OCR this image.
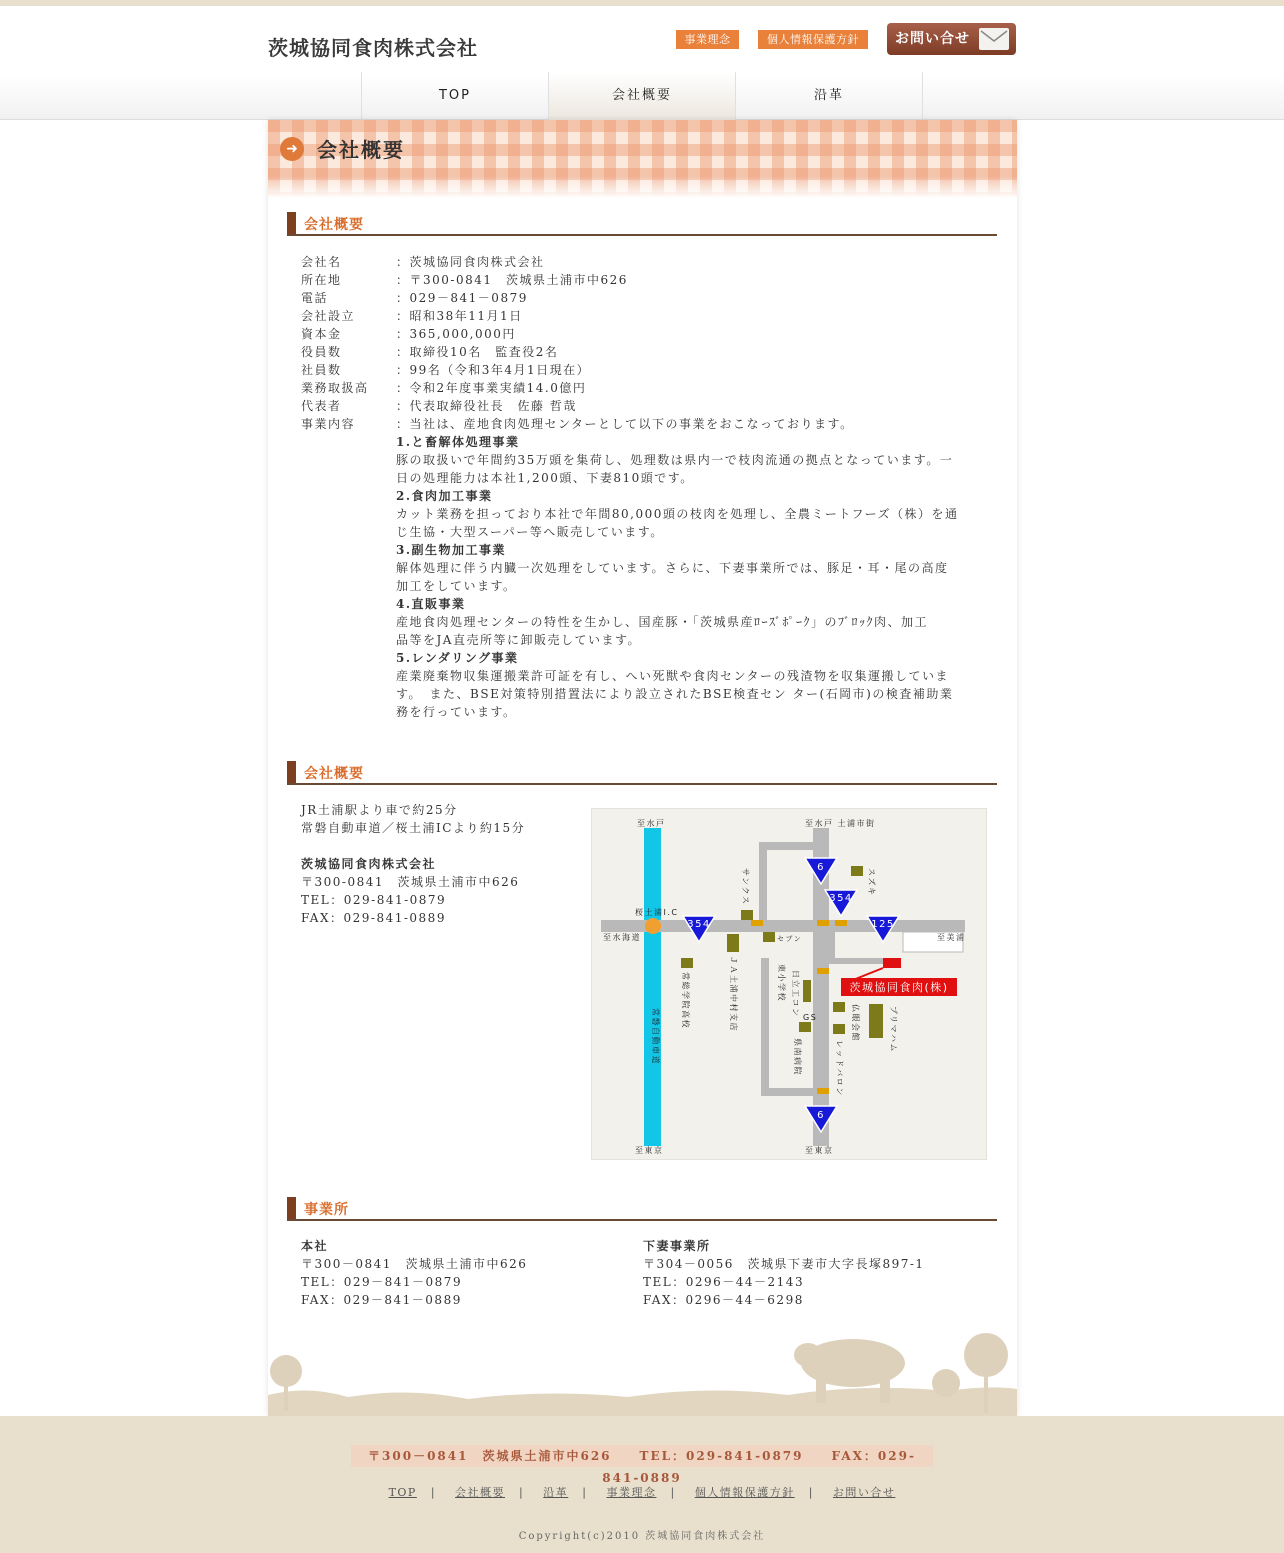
茨城協同食肉株式会社	事業理念	個人情報保護方針	お問い合せ
TOP	会社概要	沿革
➜ 会社概要
会社概要
会社概要
JR土浦駅より車で約25分
常磐自動車道／桜土浦ICより約15分
茨城協同食肉株式会社
〒300-0841　茨城県土浦市中626
TEL：029-841-0879
FAX：029-841-0889
6
354
354	125
6
茨城協同食肉(株)
至水戸	至水戸 土浦市街
至水海道	至美浦
至東京	至東京
桜土浦I.C
セブン
GS
サンクス	スズキ
常磐自動車道
常総学院高校	ＪＡ土浦中村支店	東小学校 日立工コン
県南病院
仏眼会館
レッドバロン
プリマハム
事業所
本社
〒300－0841　茨城県土浦市中626
TEL：029－841－0879
FAX：029－841－0889
下妻事業所
〒304－0056　茨城県下妻市大字長塚897-1
TEL：0296－44－2143
FAX：0296－44－6298
会社名	：茨城協同食肉株式会社
所在地	：〒300-0841　茨城県土浦市中626
電話	：029－841－0879
会社設立	：昭和38年11月1日
資本金	：365,000,000円
役員数	：取締役10名　監査役2名
社員数	：99名（令和3年4月1日現在）
業務取扱高 ：令和2年度事業実績14.0億円
代表者	：代表取締役社長　佐藤 哲哉
事業内容	：当社は、産地食肉処理センターとして以下の事業をおこなっております。
1.と畜解体処理事業
豚の取扱いで年間約35万頭を集荷し、処理数は県内一で枝肉流通の拠点となっています。一
日の処理能力は本社1,200頭、下妻810頭です。
2.食肉加工事業
カット業務を担っており本社で年間80,000頭の枝肉を処理し、全農ミートフーズ（株）を通
じ生協・大型スーパー等へ販売しています。
3.副生物加工事業
解体処理に伴う内臓一次処理をしています。さらに、下妻事業所では、豚足・耳・尾の高度
加工をしています。
4.直販事業
産地食肉処理センターの特性を生かし、国産豚・「茨城県産ﾛｰｽﾞﾎﾟｰｸ」のﾌﾞﾛｯｸ肉、加工
品等をJA直売所等に卸販売しています。
5.レンダリング事業
産業廃棄物収集運搬業許可証を有し、へい死獣や食肉センターの残渣物を収集運搬していま
す。　また、BSE対策特別措置法により設立されたBSE検査セン ター(石岡市)の検査補助業
務を行っています。
〒300－0841　茨城県土浦市中626　　TEL：029-841-0879　　FAX：029-841-0889
TOP | 会社概要 | 沿革 | 事業理念 | 個人情報保護方針 | お問い合せ
Copyright(c)2010 茨城協同食肉株式会社
